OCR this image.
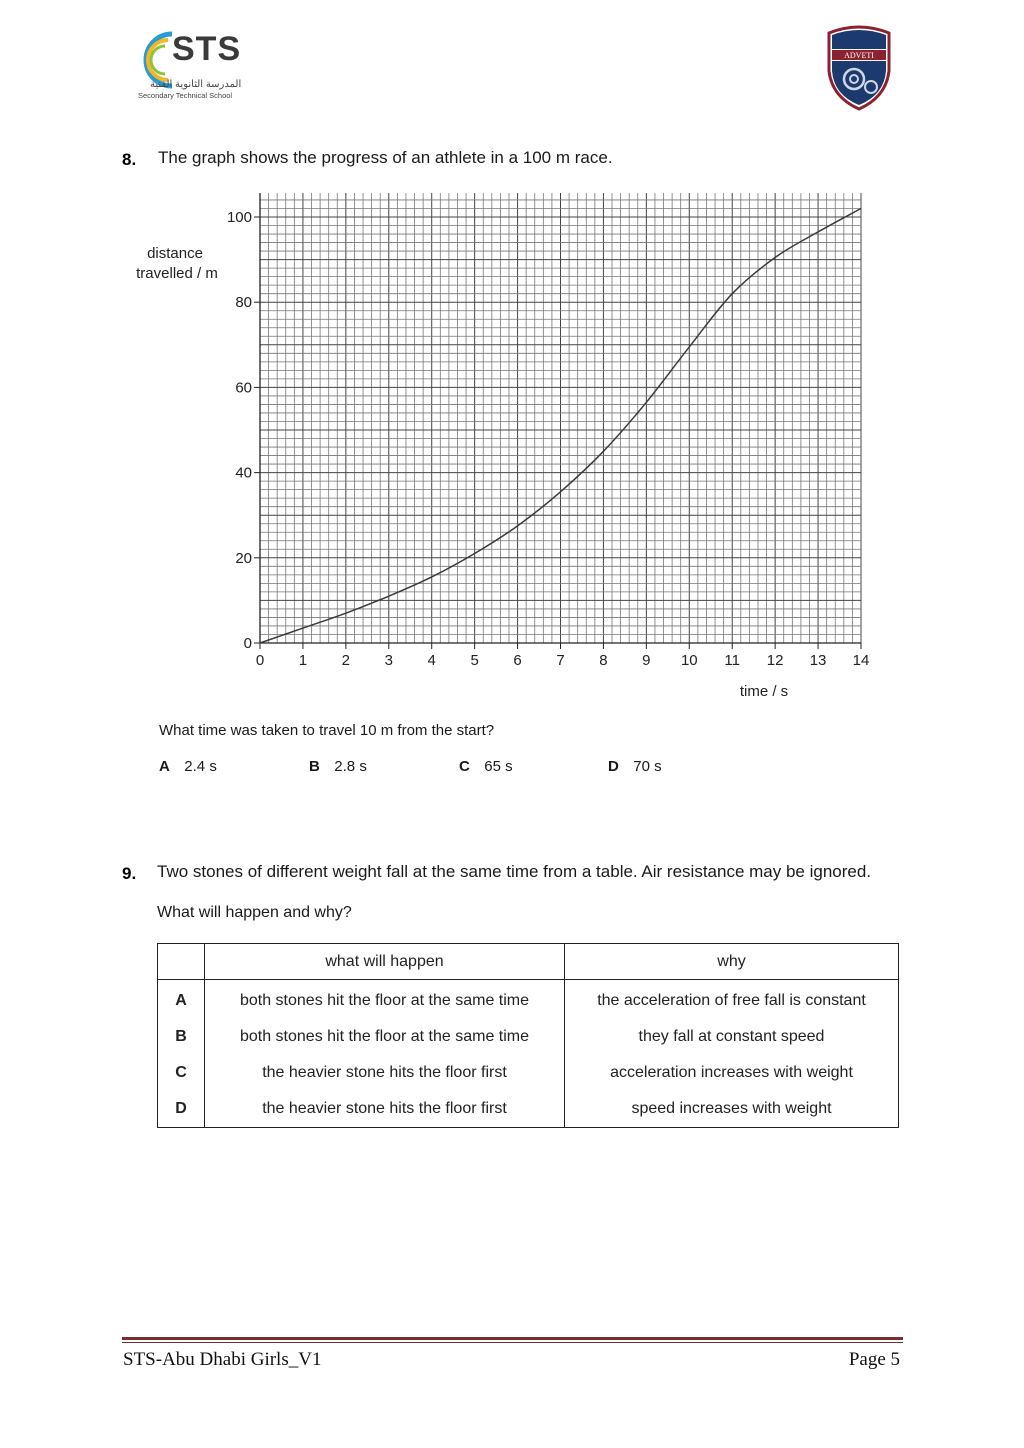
STS
المدرسة الثانوية الفنية
Secondary Technical School
ADVETI
8. The graph shows the progress of an athlete in a 100 m race.
0 1 2 3 4 5 6 7 8 9 10 11 12 13 14
0
20
40
60
80
100
distance
travelled / m
time / s
What time was taken to travel 10 m from the start?
A 2.4 s	B 2.8 s	C 65 s	D 70 s
9. Two stones of different weight fall at the same time from a table. Air resistance may be ignored.
What will happen and why?
	what will happen	why
A	both stones hit the floor at the same time	the acceleration of free fall is constant
B	both stones hit the floor at the same time	they fall at constant speed
C	the heavier stone hits the floor first	acceleration increases with weight
D	the heavier stone hits the floor first	speed increases with weight
STS-Abu Dhabi Girls_V1	Page 5
